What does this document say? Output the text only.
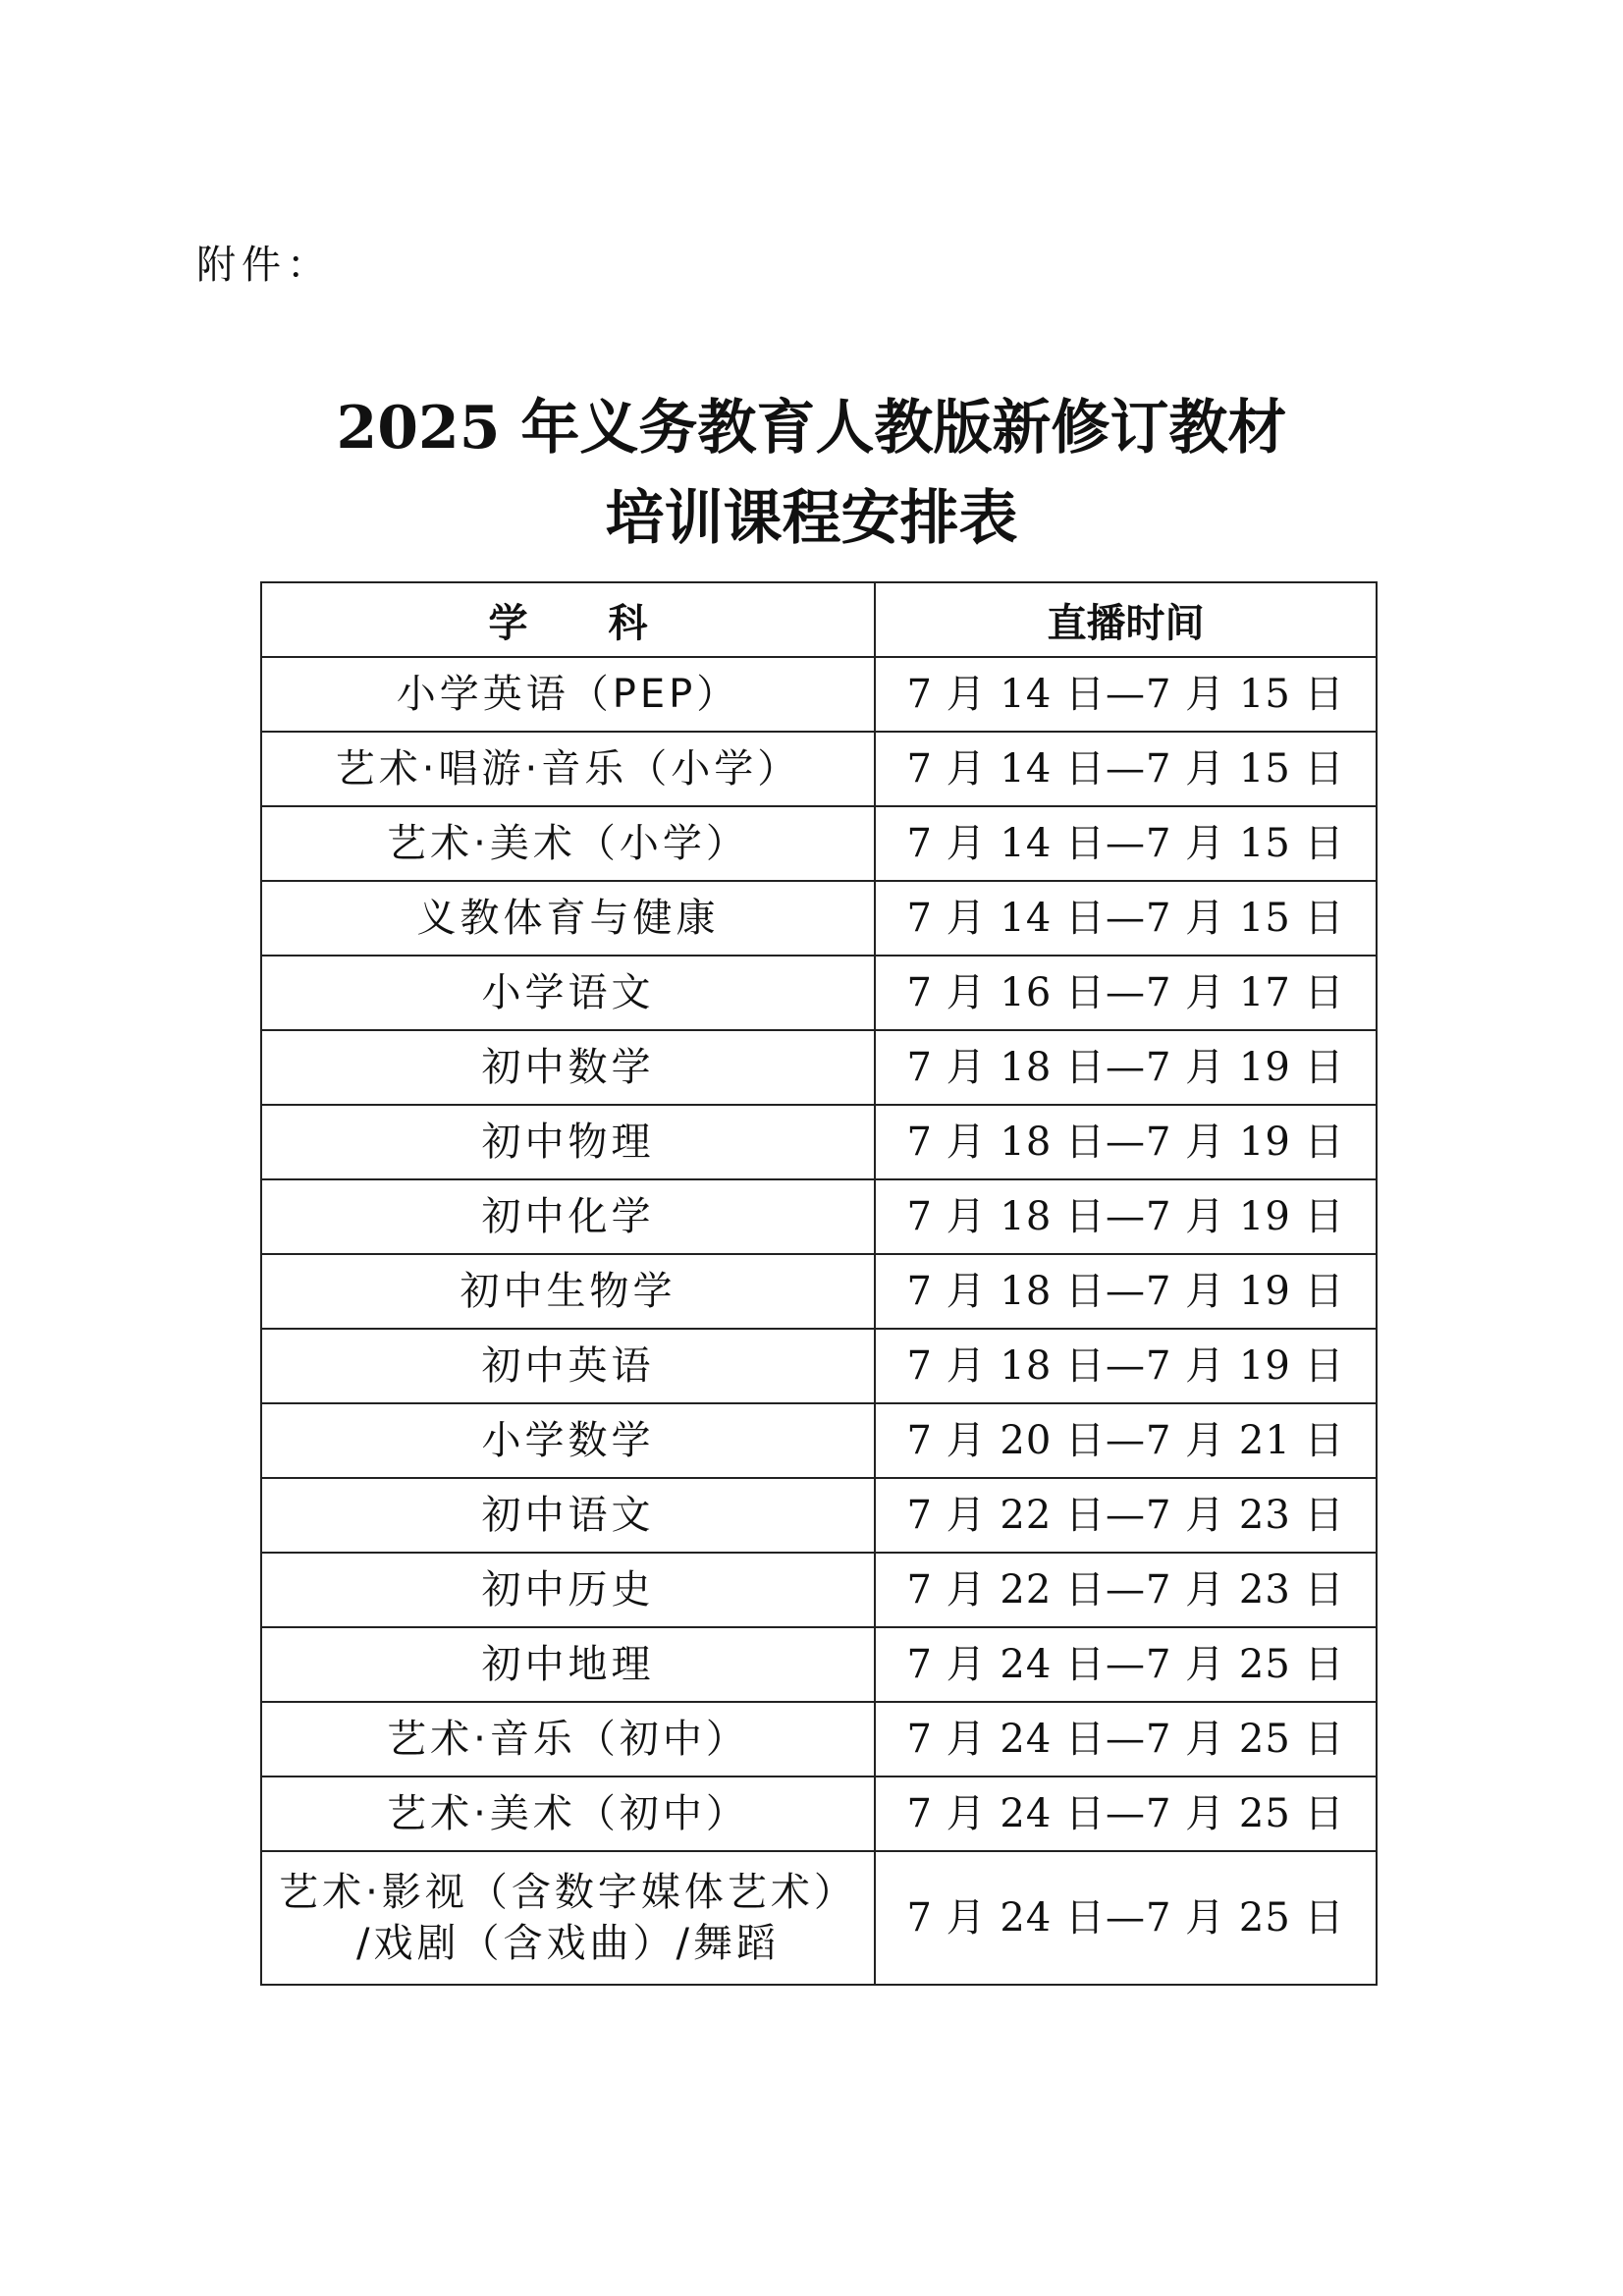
附件：
2025 年义务教育人教版新修订教材
培训课程安排表
学 科	直播时间
小学英语（PEP）	7 月 14 日—7 月 15 日
艺术·唱游·音乐（小学）	7 月 14 日—7 月 15 日
艺术·美术（小学）	7 月 14 日—7 月 15 日
义教体育与健康	7 月 14 日—7 月 15 日
小学语文	7 月 16 日—7 月 17 日
初中数学	7 月 18 日—7 月 19 日
初中物理	7 月 18 日—7 月 19 日
初中化学	7 月 18 日—7 月 19 日
初中生物学	7 月 18 日—7 月 19 日
初中英语	7 月 18 日—7 月 19 日
小学数学	7 月 20 日—7 月 21 日
初中语文	7 月 22 日—7 月 23 日
初中历史	7 月 22 日—7 月 23 日
初中地理	7 月 24 日—7 月 25 日
艺术·音乐（初中）	7 月 24 日—7 月 25 日
艺术·美术（初中）	7 月 24 日—7 月 25 日

艺术·影视（含数字媒体艺术）
/戏剧（含戏曲）/舞蹈	7 月 24 日—7 月 25 日
